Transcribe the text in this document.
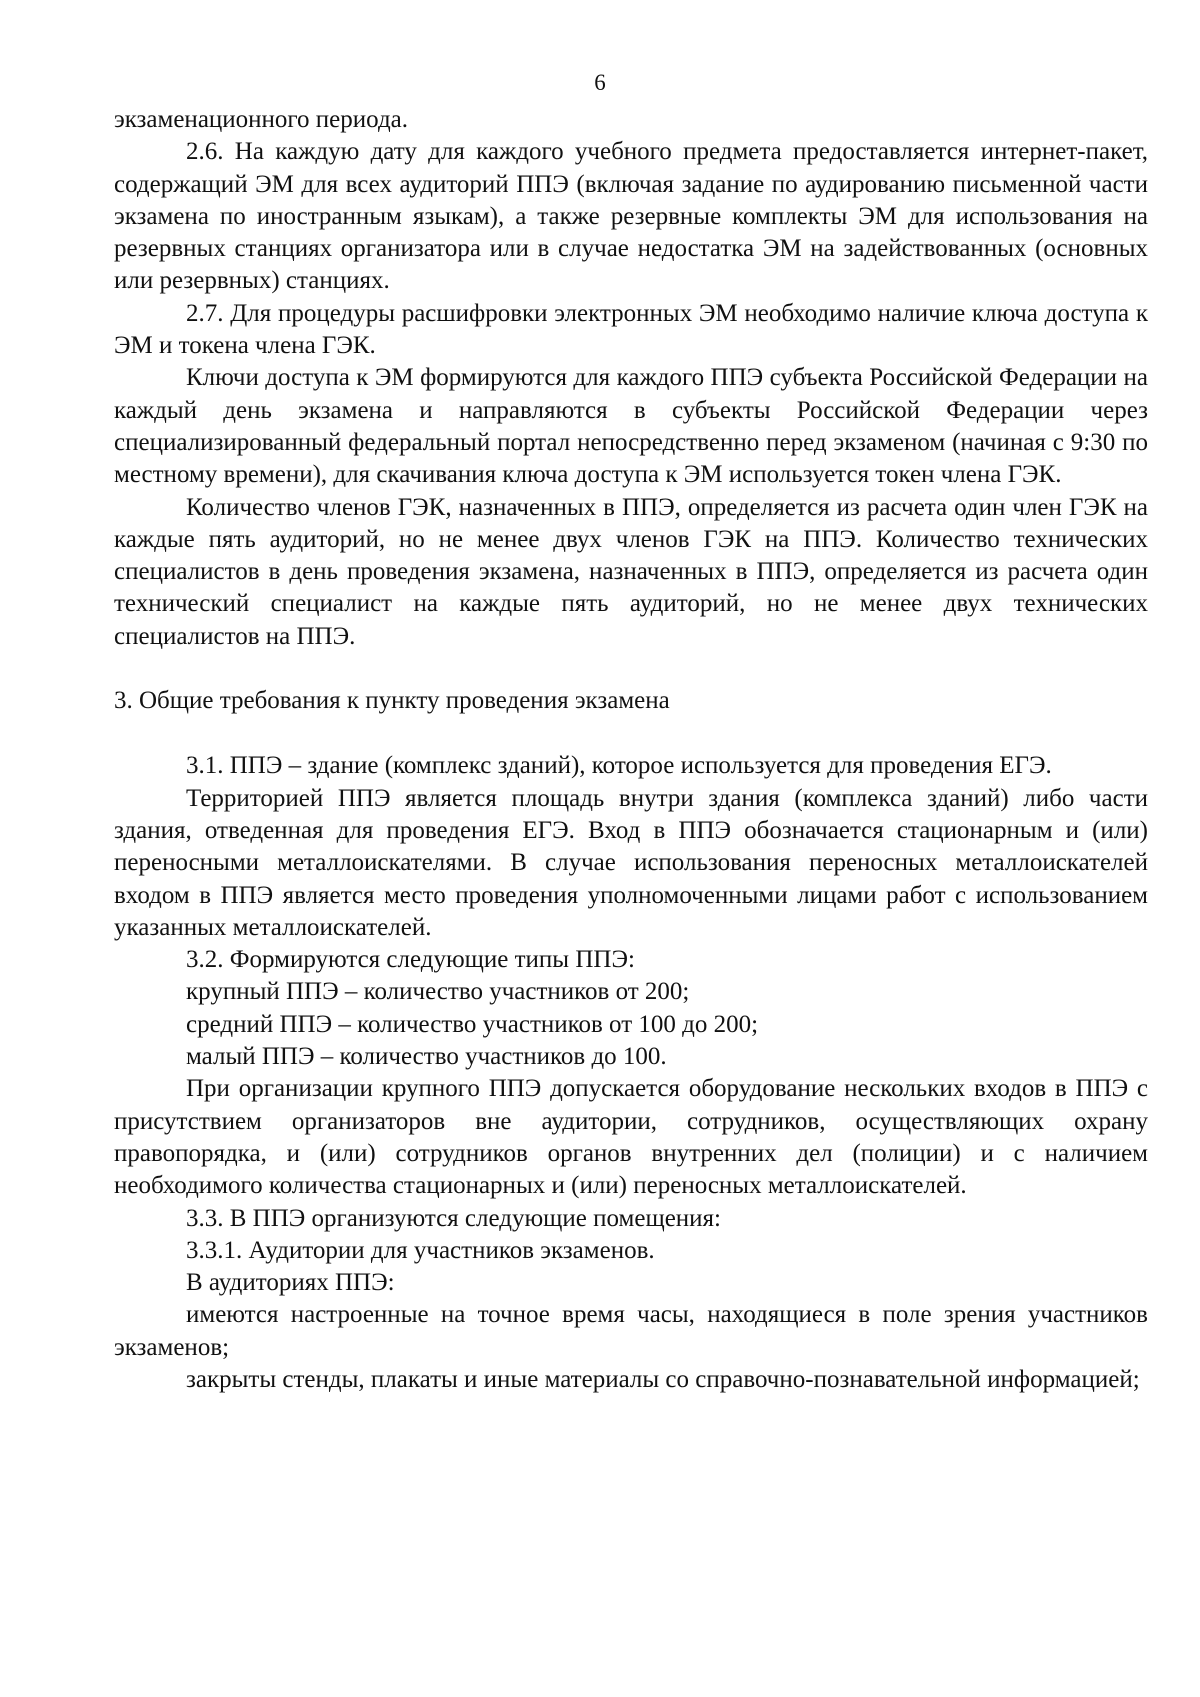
6

экзаменационного периода.

2.6. На каждую дату для каждого учебного предмета предоставляется интернет-пакет, содержащий ЭМ для всех аудиторий ППЭ (включая задание по аудированию письменной части экзамена по иностранным языкам), а также резервные комплекты ЭМ для использования на резервных станциях организатора или в случае недостатка ЭМ на задействованных (основных или резервных) станциях.

2.7. Для процедуры расшифровки электронных ЭМ необходимо наличие ключа доступа к ЭМ и токена члена ГЭК.

Ключи доступа к ЭМ формируются для каждого ППЭ субъекта Российской Федерации на каждый день экзамена и направляются в субъекты Российской Федерации через специализированный федеральный портал непосредственно перед экзаменом (начиная с 9:30 по местному времени), для скачивания ключа доступа к ЭМ используется токен члена ГЭК.

Количество членов ГЭК, назначенных в ППЭ, определяется из расчета один член ГЭК на каждые пять аудиторий, но не менее двух членов ГЭК на ППЭ. Количество технических специалистов в день проведения экзамена, назначенных в ППЭ, определяется из расчета один технический специалист на каждые пять аудиторий, но не менее двух технических специалистов на ППЭ.

3. Общие требования к пункту проведения экзамена

3.1. ППЭ – здание (комплекс зданий), которое используется для проведения ЕГЭ.

Территорией ППЭ является площадь внутри здания (комплекса зданий) либо части здания, отведенная для проведения ЕГЭ. Вход в ППЭ обозначается стационарным и (или) переносными металлоискателями. В случае использования переносных металлоискателей входом в ППЭ является место проведения уполномоченными лицами работ с использованием указанных металлоискателей.

3.2. Формируются следующие типы ППЭ:

крупный ППЭ – количество участников от 200;

средний ППЭ – количество участников от 100 до 200;

малый ППЭ – количество участников до 100.

При организации крупного ППЭ допускается оборудование нескольких входов в ППЭ с присутствием организаторов вне аудитории, сотрудников, осуществляющих охрану правопорядка, и (или) сотрудников органов внутренних дел (полиции) и с наличием необходимого количества стационарных и (или) переносных металлоискателей.

3.3. В ППЭ организуются следующие помещения:

3.3.1. Аудитории для участников экзаменов.

В аудиториях ППЭ:

имеются настроенные на точное время часы, находящиеся в поле зрения участников экзаменов;

закрыты стенды, плакаты и иные материалы со справочно-познавательной информацией;
